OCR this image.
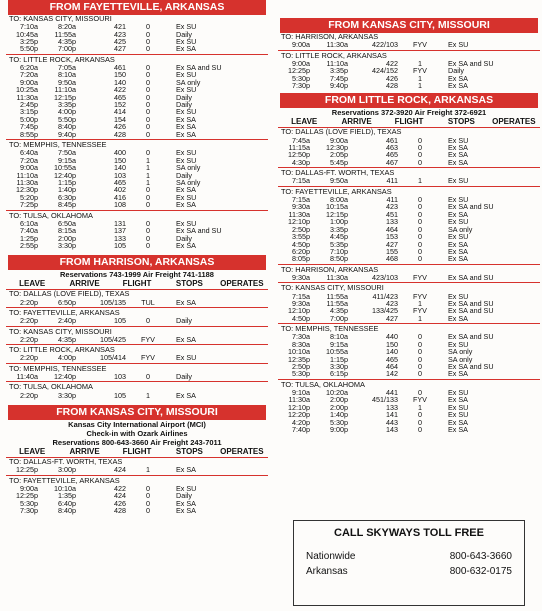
FROM FAYETTEVILLE, ARKANSAS
TO: KANSAS CITY, MISSOURI
7:10a	8:20a	421	0	Ex SU
10:45a	11:55a	423	0	Daily
3:25p	4:35p	425	0	Ex SU
5:50p	7:00p	427	0	Ex SA
TO: LITTLE ROCK, ARKANSAS
6:20a	7:05a	461	0	Ex SA and SU
7:20a	8:10a	150	0	Ex SU
9:00a	9:50a	140	0	SA only
10:25a	11:10a	422	0	Ex SU
11:30a	12:15p	465	0	Daily
2:45p	3:35p	152	0	Daily
3:15p	4:00p	414	0	Ex SU
5:00p	5:50p	154	0	Ex SA
7:45p	8:40p	426	0	Ex SA
8:55p	9:40p	428	0	Ex SA
TO: MEMPHIS, TENNESSEE
6:40a	7:50a	400	0	Ex SU
7:20a	9:15a	150	1	Ex SU
9:00a	10:55a	140	1	SA only
11:10a	12:40p	103	1	Daily
11:30a	1:15p	465	1	SA only
12:30p	1:40p	402	0	Ex SA
5:20p	6:30p	416	0	Ex SU
7:25p	8:45p	108	0	Ex SA
TO: TULSA, OKLAHOMA
6:10a	6:50a	131	0	Ex SU
7:40a	8:15a	137	0	Ex SA and SU
1:25p	2:00p	133	0	Daily
2:55p	3:30p	105	0	Ex SA
FROM HARRISON, ARKANSAS
Reservations 743-1999 Air Freight 741-1188
LEAVE	ARRIVE	FLIGHT	STOPS	OPERATES
TO: DALLAS (LOVE FIELD), TEXAS
2:20p	6:50p	105/135	TUL	Ex SA
TO: FAYETTEVILLE, ARKANSAS
2:20p	2:40p	105	0	Daily
TO: KANSAS CITY, MISSOURI
2:20p	4:35p	105/425	FYV	Ex SA
TO: LITTLE ROCK, ARKANSAS
2:20p	4:00p	105/414	FYV	Ex SU
TO: MEMPHIS, TENNESSEE
11:40a	12:40p	103	0	Daily
TO: TULSA, OKLAHOMA
2:20p	3:30p	105	1	Ex SA
FROM KANSAS CITY, MISSOURI
Kansas City International Airport (MCI)
Check-in with Ozark Airlines
Reservations 800-643-3660 Air Freight 243-7011
LEAVE	ARRIVE	FLIGHT	STOPS	OPERATES
TO: DALLAS-FT. WORTH, TEXAS
12:25p	3:00p	424	1	Ex SA
TO: FAYETTEVILLE, ARKANSAS
9:00a	10:10a	422	0	Ex SU
12:25p	1:35p	424	0	Daily
5:30p	6:40p	426	0	Ex SA
7:30p	8:40p	428	0	Ex SA
FROM KANSAS CITY, MISSOURI
TO: HARRISON, ARKANSAS
9:00a	11:30a	422/103	FYV	Ex SU
TO: LITTLE ROCK, ARKANSAS
9:00a	11:10a	422	1	Ex SA and SU
12:25p	3:35p	424/152	FYV	Daily
5:30p	7:45p	426	1	Ex SA
7:30p	9:40p	428	1	Ex SA
FROM LITTLE ROCK, ARKANSAS
Reservations 372-3920 Air Freight 372-6921
LEAVE	ARRIVE	FLIGHT	STOPS	OPERATES
TO: DALLAS (LOVE FIELD), TEXAS
7:45a	9:00a	461	0	Ex SU
11:15a	12:30p	463	0	Ex SA
12:50p	2:05p	465	0	Ex SA
4:30p	5:45p	467	0	Ex SA
TO: DALLAS-FT. WORTH, TEXAS
7:15a	9:50a	411	1	Ex SU
TO: FAYETTEVILLE, ARKANSAS
7:15a	8:00a	411	0	Ex SU
9:30a	10:15a	423	0	Ex SA and SU
11:30a	12:15p	451	0	Ex SA
12:10p	1:00p	133	0	Ex SU
2:50p	3:35p	464	0	SA only
3:55p	4:45p	153	0	Ex SU
4:50p	5:35p	427	0	Ex SA
6:20p	7:10p	155	0	Ex SA
8:05p	8:50p	468	0	Ex SA
TO: HARRISON, ARKANSAS
9:30a	11:30a	423/103	FYV	Ex SA and SU
TO: KANSAS CITY, MISSOURI
7:15a	11:55a	411/423	FYV	Ex SU
9:30a	11:55a	423	1	Ex SA and SU
12:10p	4:35p	133/425	FYV	Ex SA and SU
4:50p	7:00p	427	1	Ex SA
TO: MEMPHIS, TENNESSEE
7:30a	8:10a	440	0	Ex SA and SU
8:30a	9:15a	150	0	Ex SU
10:10a	10:55a	140	0	SA only
12:35p	1:15p	465	0	SA only
2:50p	3:30p	464	0	Ex SA and SU
5:30p	6:15p	142	0	Ex SA
TO: TULSA, OKLAHOMA
9:10a	10:20a	441	0	Ex SU
11:30a	2:00p	451/133	FYV	Ex SA
12:10p	2:00p	133	1	Ex SU
12:20p	1:40p	141	0	Ex SU
4:20p	5:30p	443	0	Ex SA
7:40p	9:00p	143	0	Ex SA
CALL SKYWAYS TOLL FREE
Nationwide	800-643-3660
Arkansas	800-632-0175
